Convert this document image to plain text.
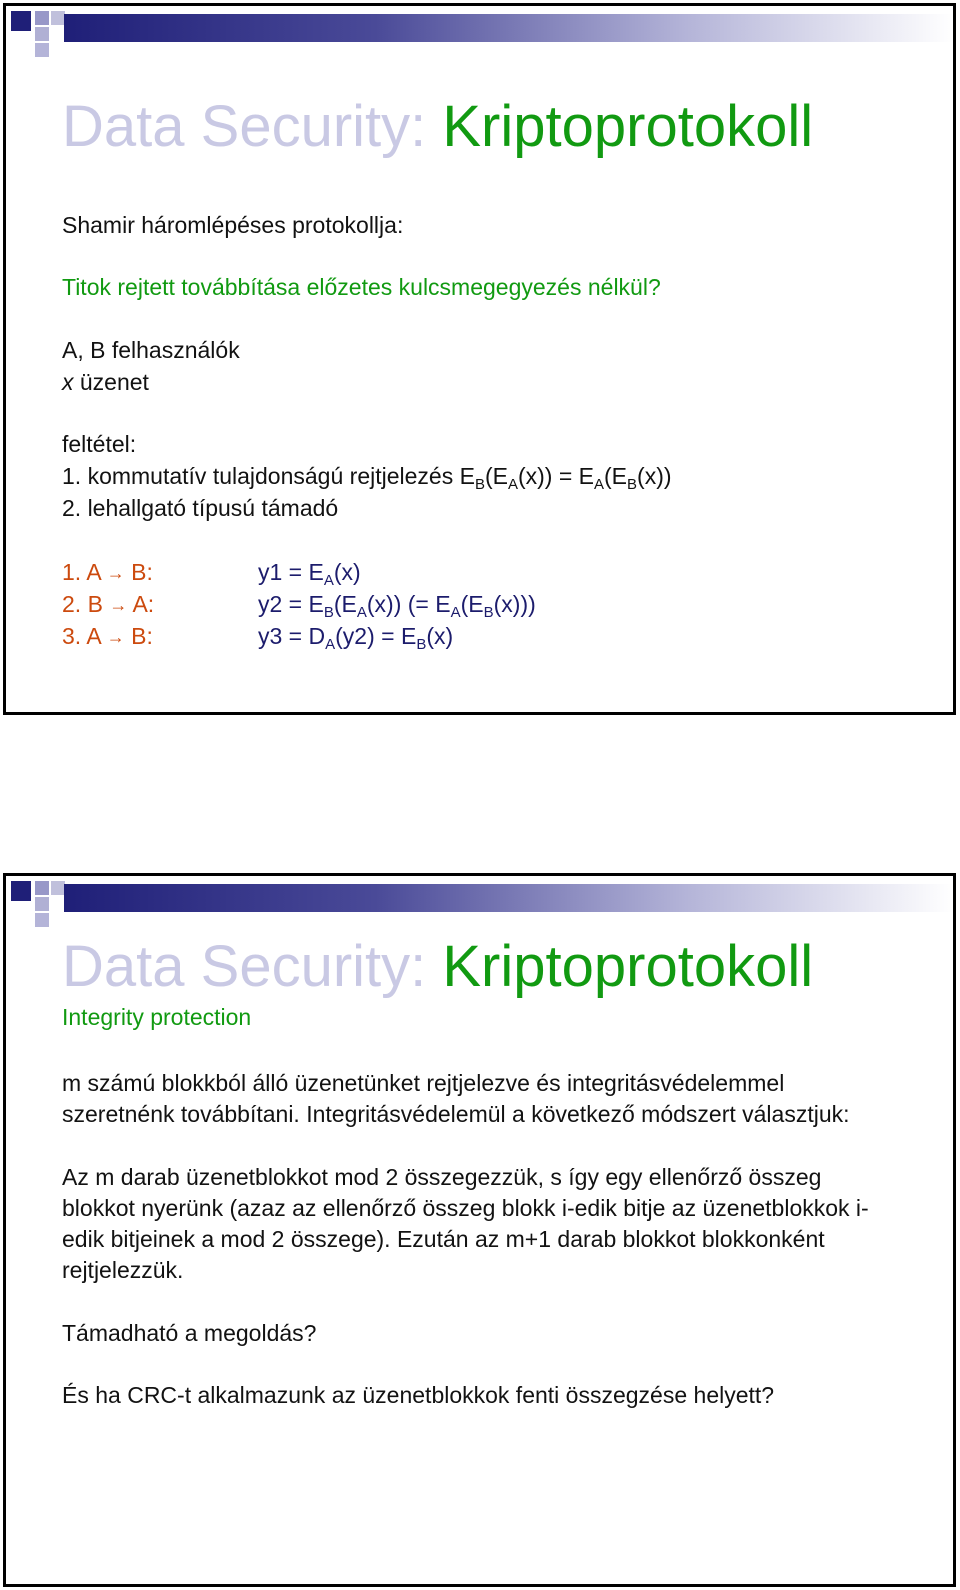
Data Security: Kriptoprotokoll
Shamir háromlépéses protokollja:
Titok rejtett továbbítása előzetes kulcsmegegyezés nélkül?
A, B felhasználók
x üzenet
feltétel:
1. kommutatív tulajdonságú rejtjelezés $E_B(E_A(x)) = E_A(E_B(x))$
2. lehallgató típusú támadó
1. A → B:	$y1 = E_A(x)$
2. B → A:	$y2 = E_B(E_A(x))$ (= $E_A(E_B(x))$)
3. A → B:	$y3 = D_A(y2) = E_B(x)$
Data Security: Kriptoprotokoll
Integrity protection
m számú blokkból álló üzenetünket rejtjelezve és integritásvédelemmel
szeretnénk továbbítani. Integritásvédelemül a következő módszert választjuk:
Az m darab üzenetblokkot mod 2 összegezzük, s így egy ellenőrző összeg
blokkot nyerünk (azaz az ellenőrző összeg blokk i-edik bitje az üzenetblokkok i-
edik bitjeinek a mod 2 összege). Ezután az m+1 darab blokkot blokkonként
rejtjelezzük.
Támadható a megoldás?
És ha CRC-t alkalmazunk az üzenetblokkok fenti összegzése helyett?
